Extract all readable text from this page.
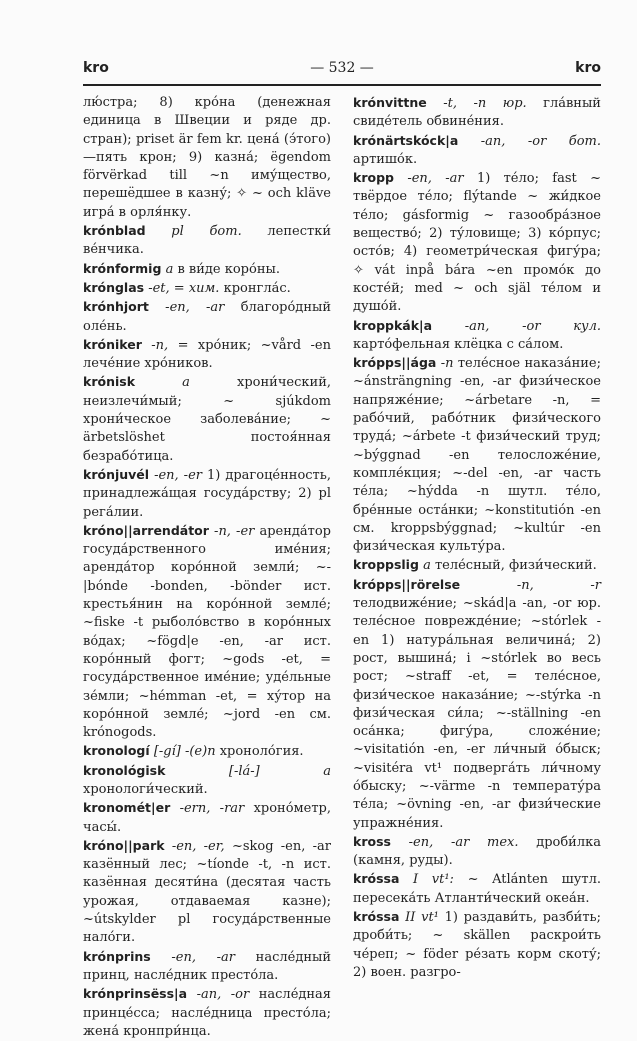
kro	— 532 —	kro

лю́стра; 8) кро́на (денежная единица в Швеции и ряде др. стран); priset är fem kr. цена́ (э́того)—пять крон; 9) казна́; ëgendom förvërkad till ~n иму́щество, перешёдшее в казну́; ✧ ~ och kläve игра́ в орля́нку.

krónblad pl бот. лепестки́ ве́нчика.

krónformig a в ви́де коро́ны.

krónglas -et, = хим. кронгла́с.

krónhjort -en, -ar благоро́дный оле́нь.

króniker -n, = хро́ник; ~vård -en лече́ние хро́ников.

krónisk	a	хрони́ческий, неизлечи́мый; ~ sjúkdom хрони́ческое заболева́ние; ~ ärbetslöshet постоя́нная безрабо́тица.

krónjuvél -en, -er 1) драгоце́нность, принадлежа́щая госуда́рству; 2) pl рега́лии.

króno||arrendátor -n, -er аренда́тор госуда́рственного име́ния; аренда́тор коро́нной земли́; ~-|bónde -bonden, -bönder ист. крестья́нин на коро́нной земле́; ~fiske -t рыболо́вство в коро́нных во́дах; ~fögd|e -en, -ar ист. коро́нный фогт; ~gods -et, = госуда́рственное име́ние; уде́льные зе́мли; ~hémman -et, = ху́тор на коро́нной земле́; ~jord -en см. krónogods.

kronologí [-gí] -(e)n хроноло́гия.

kronológisk	[-lá-] a хронологи́ческий.

kronomét|er -ern, -rar хроно́метр, часы́.

króno||park -en, -er, ~skog -en, -ar казённый лес; ~tíonde -t, -n ист. казённая десяти́на (десятая часть урожая, отдаваемая казне); ~útskylder pl госуда́рственные нало́ги.

krónprins -en, -ar насле́дный принц, насле́дник престо́ла.

krónprinsëss|a -an, -or насле́дная принце́сса; насле́дница престо́ла; жена́ кронпри́нца.

krónvittne -t, -n юр. гла́вный свиде́тель обвине́ния.

krónärtskóck|a -an, -or бот. артишо́к.

kropp -en, -ar 1) те́ло; fast ~ твёрдое те́ло; flýtande ~ жи́дкое те́ло; gásformig ~ газообра́зное вещество́; 2) ту́ловище; 3) ко́рпус; осто́в; 4) геометри́ческая фигу́ра; ✧ vát inpå bára ~en промо́к до косте́й; med ~ och själ те́лом и душо́й.

kroppkák|a	-an, -or кул. карто́фельная клёцка с са́лом.

krópps||ága -n теле́сное наказа́ние; ~ánsträngning -en, -ar физи́ческое напряже́ние; ~árbetare -n, = рабо́чий, рабо́тник физи́ческого труда́; ~árbete -t физи́ческий труд; ~býggnad -en телосложе́ние, компле́кция; ~-del -en, -ar часть те́ла; ~hýdda -n шутл. те́ло, бре́нные оста́нки; ~konstitutión -en см. kroppsbýggnad; ~kultúr -en физи́ческая культу́ра.

kroppslig a теле́сный, физи́ческий.

krópps||rörelse	-n, -r телодвиже́ние; ~skád|a -an, -or юр. теле́сное поврежде́ние; ~stórlek -en 1) натура́льная величина́; 2) рост, вышина́; i ~stórlek во весь рост; ~straff -et, = теле́сное, физи́ческое наказа́ние; ~-stýrka -n физи́ческая си́ла; ~-ställning -en оса́нка; фигу́ра, сложе́ние; ~visitatión -en, -er ли́чный о́быск; ~visitéra vt¹ подверга́ть ли́чному о́быску; ~-värme -n температу́ра те́ла; ~övning -en, -ar физи́ческие упражне́ния.

kross -en, -ar тех. дроби́лка (камня, руды).

króssa I vt¹: ~ Atlánten шутл. пересека́ть Атланти́ческий океа́н.

króssa II vt¹ 1) раздави́ть, разби́ть; дроби́ть; ~ skällen раскрои́ть че́реп; ~ föder ре́зать корм скоту́; 2) воен. разгро-
